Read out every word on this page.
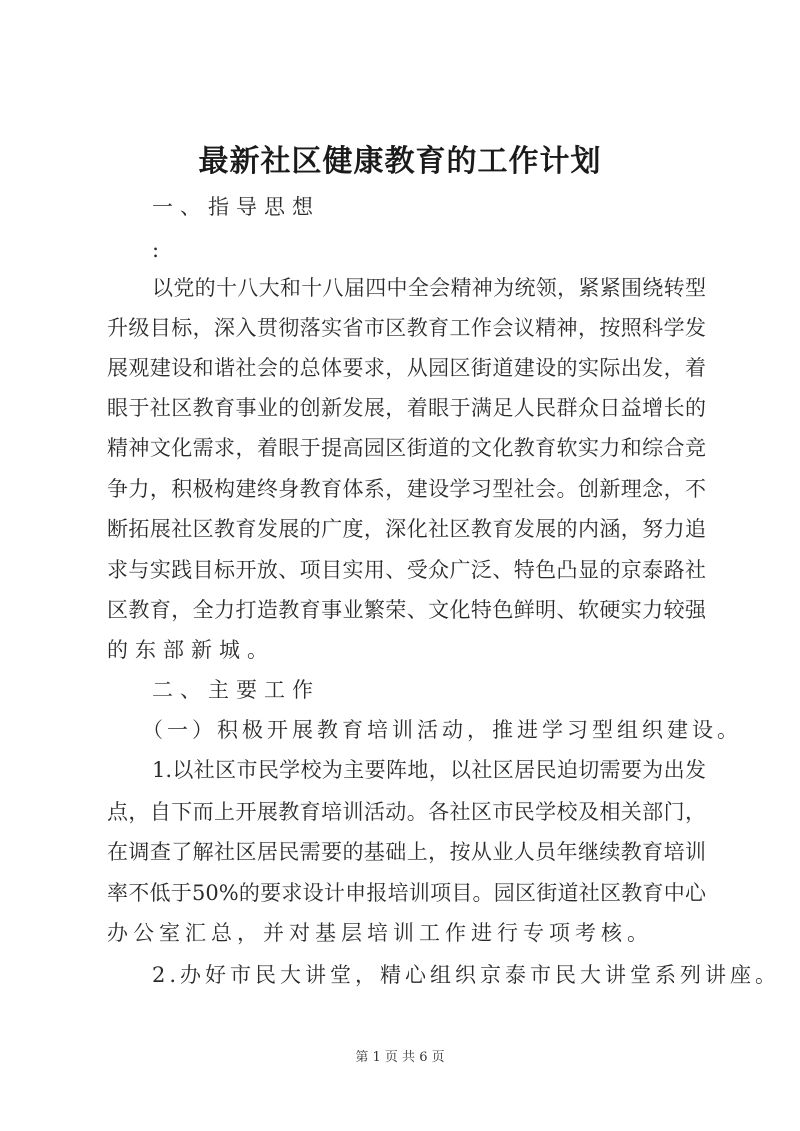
最新社区健康教育的工作计划
一、指导思想
:
以党的十八大和十八届四中全会精神为统领，紧紧围绕转型
升级目标，深入贯彻落实省市区教育工作会议精神，按照科学发
展观建设和谐社会的总体要求，从园区街道建设的实际出发，着
眼于社区教育事业的创新发展，着眼于满足人民群众日益增长的
精神文化需求，着眼于提高园区街道的文化教育软实力和综合竞
争力，积极构建终身教育体系，建设学习型社会。创新理念，不
断拓展社区教育发展的广度，深化社区教育发展的内涵，努力追
求与实践目标开放、项目实用、受众广泛、特色凸显的京泰路社
区教育，全力打造教育事业繁荣、文化特色鲜明、软硬实力较强
的东部新城。
二、主要工作
（一）积极开展教育培训活动，推进学习型组织建设。
1.以社区市民学校为主要阵地，以社区居民迫切需要为出发
点，自下而上开展教育培训活动。各社区市民学校及相关部门，
在调查了解社区居民需要的基础上，按从业人员年继续教育培训
率不低于50%的要求设计申报培训项目。园区街道社区教育中心
办公室汇总，并对基层培训工作进行专项考核。
2.办好市民大讲堂，精心组织京泰市民大讲堂系列讲座。
第 1 页 共 6 页
